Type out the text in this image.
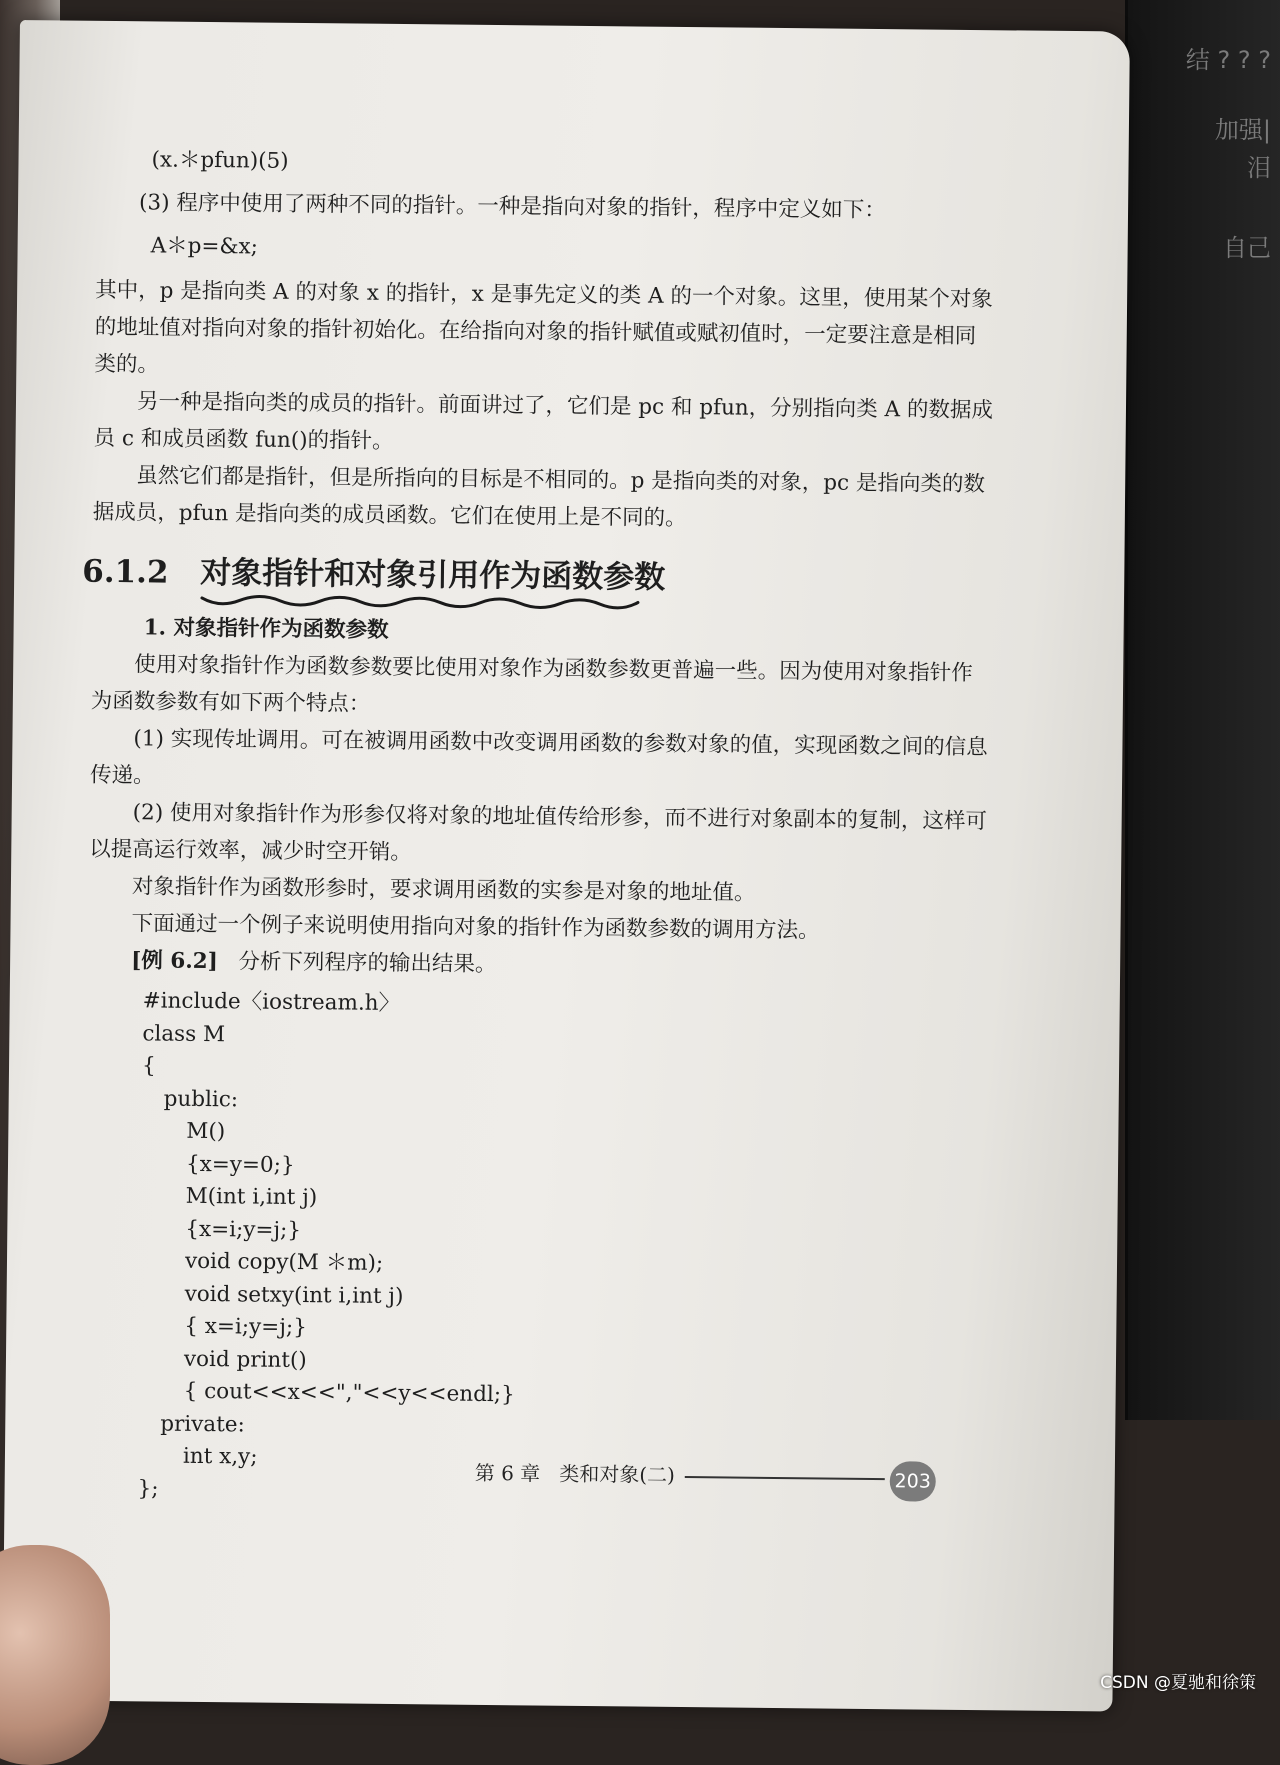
结 ? ? ?
加强|
泪
自己

(x.＊pfun)(5)

(3) 程序中使用了两种不同的指针。一种是指向对象的指针，程序中定义如下：

A＊p=&x;

其中，p 是指向类 A 的对象 x 的指针，x 是事先定义的类 A 的一个对象。这里，使用某个对象的地址值对指向对象的指针初始化。在给指向对象的指针赋值或赋初值时，一定要注意是相同类的。

另一种是指向类的成员的指针。前面讲过了，它们是 pc 和 pfun，分别指向类 A 的数据成员 c 和成员函数 fun()的指针。

虽然它们都是指针，但是所指向的目标是不相同的。p 是指向类的对象，pc 是指向类的数据成员，pfun 是指向类的成员函数。它们在使用上是不同的。

6.1.2 对象指针和对象引用作为函数参数

1. 对象指针作为函数参数

使用对象指针作为函数参数要比使用对象作为函数参数更普遍一些。因为使用对象指针作为函数参数有如下两个特点：

(1) 实现传址调用。可在被调用函数中改变调用函数的参数对象的值，实现函数之间的信息传递。

(2) 使用对象指针作为形参仅将对象的地址值传给形参，而不进行对象副本的复制，这样可以提高运行效率，减少时空开销。

对象指针作为函数形参时，要求调用函数的实参是对象的地址值。

下面通过一个例子来说明使用指向对象的指针作为函数参数的调用方法。

[例 6.2] 分析下列程序的输出结果。

#include〈iostream.h〉

class M

{

public:

M()

{x=y=0;}

M(int i,int j)

{x=i;y=j;}

void copy(M ＊m);

void setxy(int i,int j)

{ x=i;y=j;}

void print()

{ cout<<x<<","<<y<<endl;}

private:

int x,y;

};

第 6 章 类和对象(二)	203
CSDN @夏驰和徐策
